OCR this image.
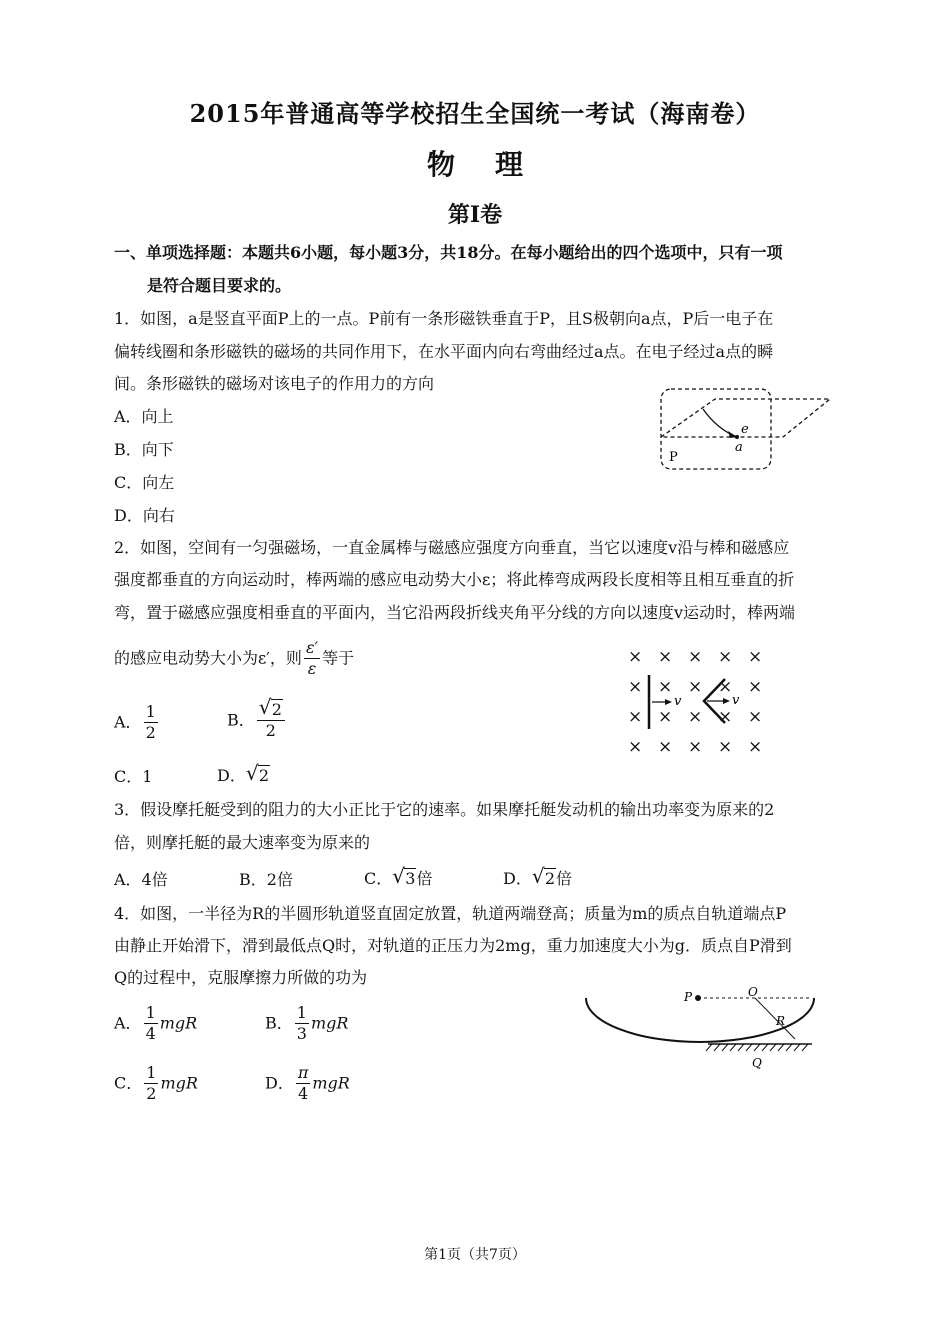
2015年普通高等学校招生全国统一考试（海南卷）
物理
第Ⅰ卷
一、单项选择题：本题共6小题，每小题3分，共18分。在每小题给出的四个选项中，只有一项
是符合题目要求的。
1．如图，a是竖直平面P上的一点。P前有一条形磁铁垂直于P，且S极朝向a点，P后一电子在
偏转线圈和条形磁铁的磁场的共同作用下，在水平面内向右弯曲经过a点。在电子经过a点的瞬
间。条形磁铁的磁场对该电子的作用力的方向
A．向上
B．向下
C．向左
D．向右
e
a
P
2．如图，空间有一匀强磁场，一直金属棒与磁感应强度方向垂直，当它以速度v沿与棒和磁感应
强度都垂直的方向运动时，棒两端的感应电动势大小ε；将此棒弯成两段长度相等且相互垂直的折
弯，置于磁感应强度相垂直的平面内，当它沿两段折线夹角平分线的方向以速度v运动时，棒两端
的感应电动势大小为ε′，则 $\frac{\varepsilon'}{\varepsilon}$ 等于
A． $\frac{1}{2}$	B． $\frac{√ 2}{2}$
C．1	D． √ 2
× × × × ×
× × × × ×
× × × × ×
× × × × ×
v	v
3．假设摩托艇受到的阻力的大小正比于它的速率。如果摩托艇发动机的输出功率变为原来的2
倍，则摩托艇的最大速率变为原来的
A．4倍	B．2倍	C． √ 3倍	D． √ 2倍
4．如图，一半径为R的半圆形轨道竖直固定放置，轨道两端登高；质量为m的质点自轨道端点P
由静止开始滑下，滑到最低点Q时，对轨道的正压力为2mg，重力加速度大小为g．质点自P滑到
Q的过程中，克服摩擦力所做的功为
A． $\frac{1}{4}$ mgR	B． $\frac{1}{3}$ mgR
C． $\frac{1}{2}$ mgR	D． $\frac{\pi}{4}$ mgR
P	O
R
Q
第1页（共7页）
